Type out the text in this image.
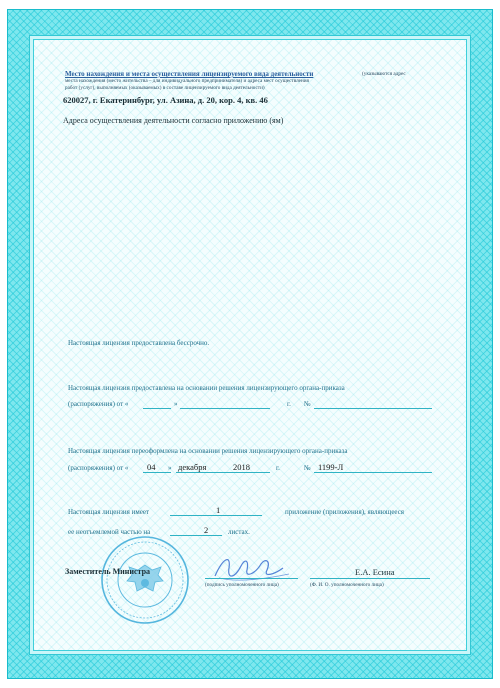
Место нахождения и места осуществления лицензируемого вида деятельности	(указываются адрес
места нахождения (место жительства – для индивидуального предпринимателя) и адреса мест осуществления
работ (услуг), выполняемых (оказываемых) в составе лицензируемого вида деятельности)
620027, г. Екатеринбург, ул. Азина, д. 20, кор. 4, кв. 46
Адреса осуществления деятельности согласно приложению (ям)
Настоящая лицензия предоставлена бессрочно.
Настоящая лицензия предоставлена на основании решения лицензирующего органа-приказа
(распоряжения) от «	»	г. №
Настоящая лицензия переоформлена на основании решения лицензирующего органа-приказа
(распоряжения) от « 04 » декабря	2018	г.	№ 1199-Л
Настоящая лицензия имеет	1	приложение (приложения), являющееся
ее неотъемлемой частью на	2	листах.
Заместитель Министра	Е.А. Есина
(подпись уполномоченного лица)	(Ф. И. О. уполномоченного лица)
